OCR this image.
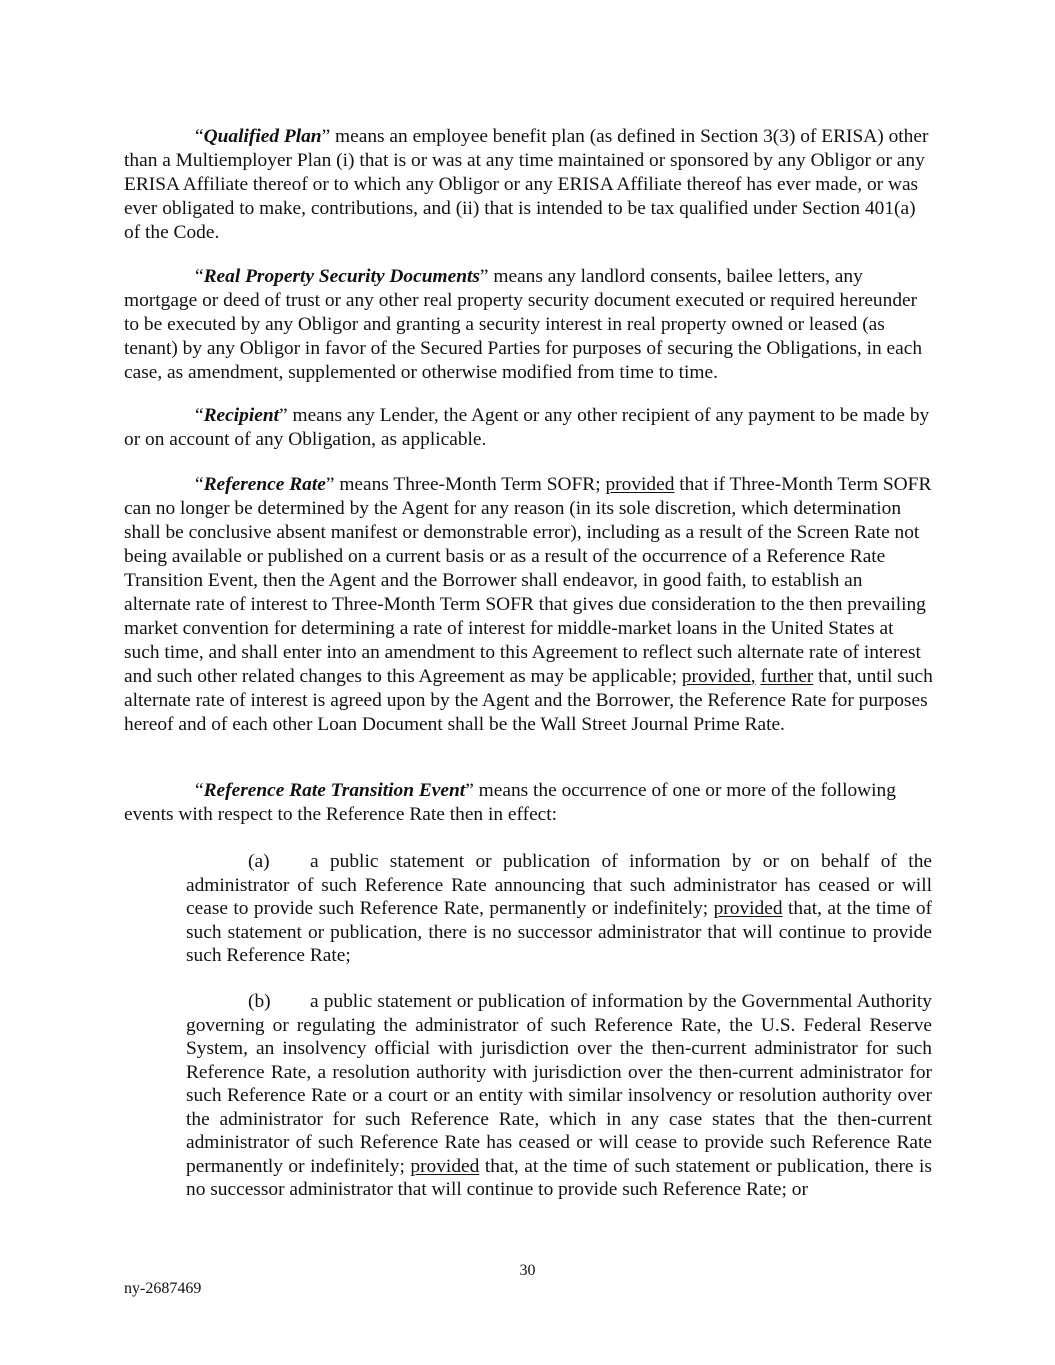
“Qualified Plan” means an employee benefit plan (as defined in Section 3(3) of ERISA) other than a Multiemployer Plan (i) that is or was at any time maintained or sponsored by any Obligor or any ERISA Affiliate thereof or to which any Obligor or any ERISA Affiliate thereof has ever made, or was ever obligated to make, contributions, and (ii) that is intended to be tax qualified under Section 401(a) of the Code.

“Real Property Security Documents” means any landlord consents, bailee letters, any mortgage or deed of trust or any other real property security document executed or required hereunder to be executed by any Obligor and granting a security interest in real property owned or leased (as tenant) by any Obligor in favor of the Secured Parties for purposes of securing the Obligations, in each case, as amendment, supplemented or otherwise modified from time to time.

“Recipient” means any Lender, the Agent or any other recipient of any payment to be made by or on account of any Obligation, as applicable.

“Reference Rate” means Three-Month Term SOFR; provided that if Three-Month Term SOFR can no longer be determined by the Agent for any reason (in its sole discretion, which determination shall be conclusive absent manifest or demonstrable error), including as a result of the Screen Rate not being available or published on a current basis or as a result of the occurrence of a Reference Rate Transition Event, then the Agent and the Borrower shall endeavor, in good faith, to establish an alternate rate of interest to Three-Month Term SOFR that gives due consideration to the then prevailing market convention for determining a rate of interest for middle-market loans in the United States at such time, and shall enter into an amendment to this Agreement to reflect such alternate rate of interest and such other related changes to this Agreement as may be applicable; provided, further that, until such alternate rate of interest is agreed upon by the Agent and the Borrower, the Reference Rate for purposes hereof and of each other Loan Document shall be the Wall Street Journal Prime Rate.

“Reference Rate Transition Event” means the occurrence of one or more of the following events with respect to the Reference Rate then in effect:

(a) a public statement or publication of information by or on behalf of the administrator of such Reference Rate announcing that such administrator has ceased or will cease to provide such Reference Rate, permanently or indefinitely; provided that, at the time of such statement or publication, there is no successor administrator that will continue to provide such Reference Rate;

(b) a public statement or publication of information by the Governmental Authority governing or regulating the administrator of such Reference Rate, the U.S. Federal Reserve System, an insolvency official with jurisdiction over the then-current administrator for such Reference Rate, a resolution authority with jurisdiction over the then-current administrator for such Reference Rate or a court or an entity with similar insolvency or resolution authority over the administrator for such Reference Rate, which in any case states that the then-current administrator of such Reference Rate has ceased or will cease to provide such Reference Rate permanently or indefinitely; provided that, at the time of such statement or publication, there is no successor administrator that will continue to provide such Reference Rate; or

30

ny-2687469
